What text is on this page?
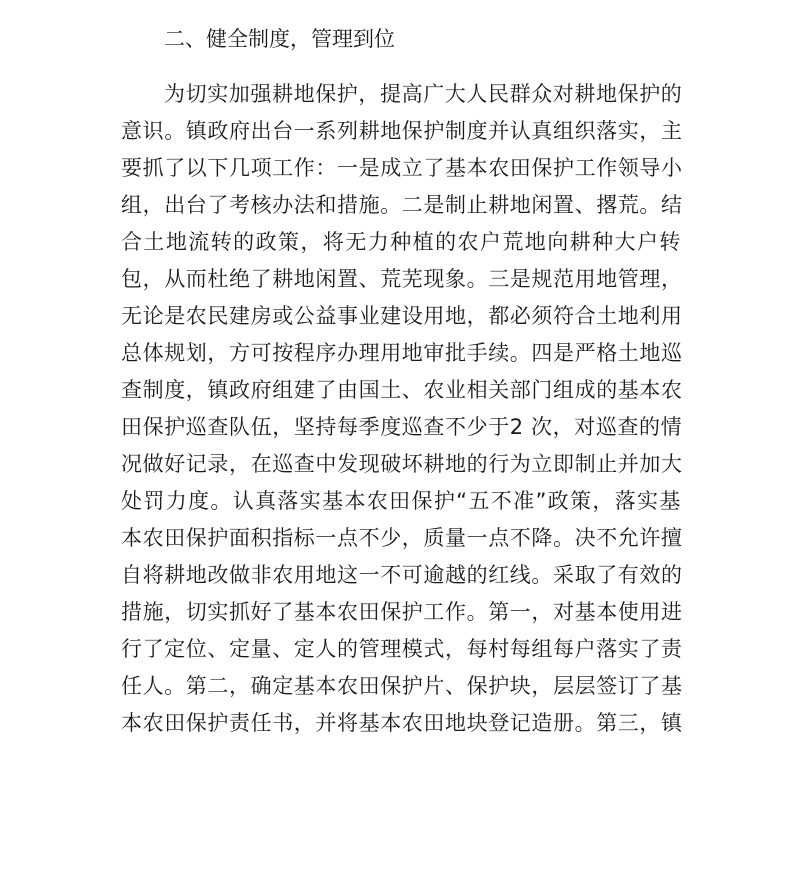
二、健全制度，管理到位
为切实加强耕地保护，提高广大人民群众对耕地保护的
意识。镇政府出台一系列耕地保护制度并认真组织落实，主
要抓了以下几项工作：一是成立了基本农田保护工作领导小
组，出台了考核办法和措施。二是制止耕地闲置、撂荒。结
合土地流转的政策，将无力种植的农户荒地向耕种大户转
包，从而杜绝了耕地闲置、荒芜现象。三是规范用地管理，
无论是农民建房或公益事业建设用地，都必须符合土地利用
总体规划，方可按程序办理用地审批手续。四是严格土地巡
查制度，镇政府组建了由国土、农业相关部门组成的基本农
田保护巡查队伍，坚持每季度巡查不少于2 次，对巡查的情
况做好记录，在巡查中发现破坏耕地的行为立即制止并加大
处罚力度。认真落实基本农田保护“五不准”政策，落实基
本农田保护面积指标一点不少，质量一点不降。决不允许擅
自将耕地改做非农用地这一不可逾越的红线。采取了有效的
措施，切实抓好了基本农田保护工作。第一，对基本使用进
行了定位、定量、定人的管理模式，每村每组每户落实了责
任人。第二，确定基本农田保护片、保护块，层层签订了基
本农田保护责任书，并将基本农田地块登记造册。第三，镇
